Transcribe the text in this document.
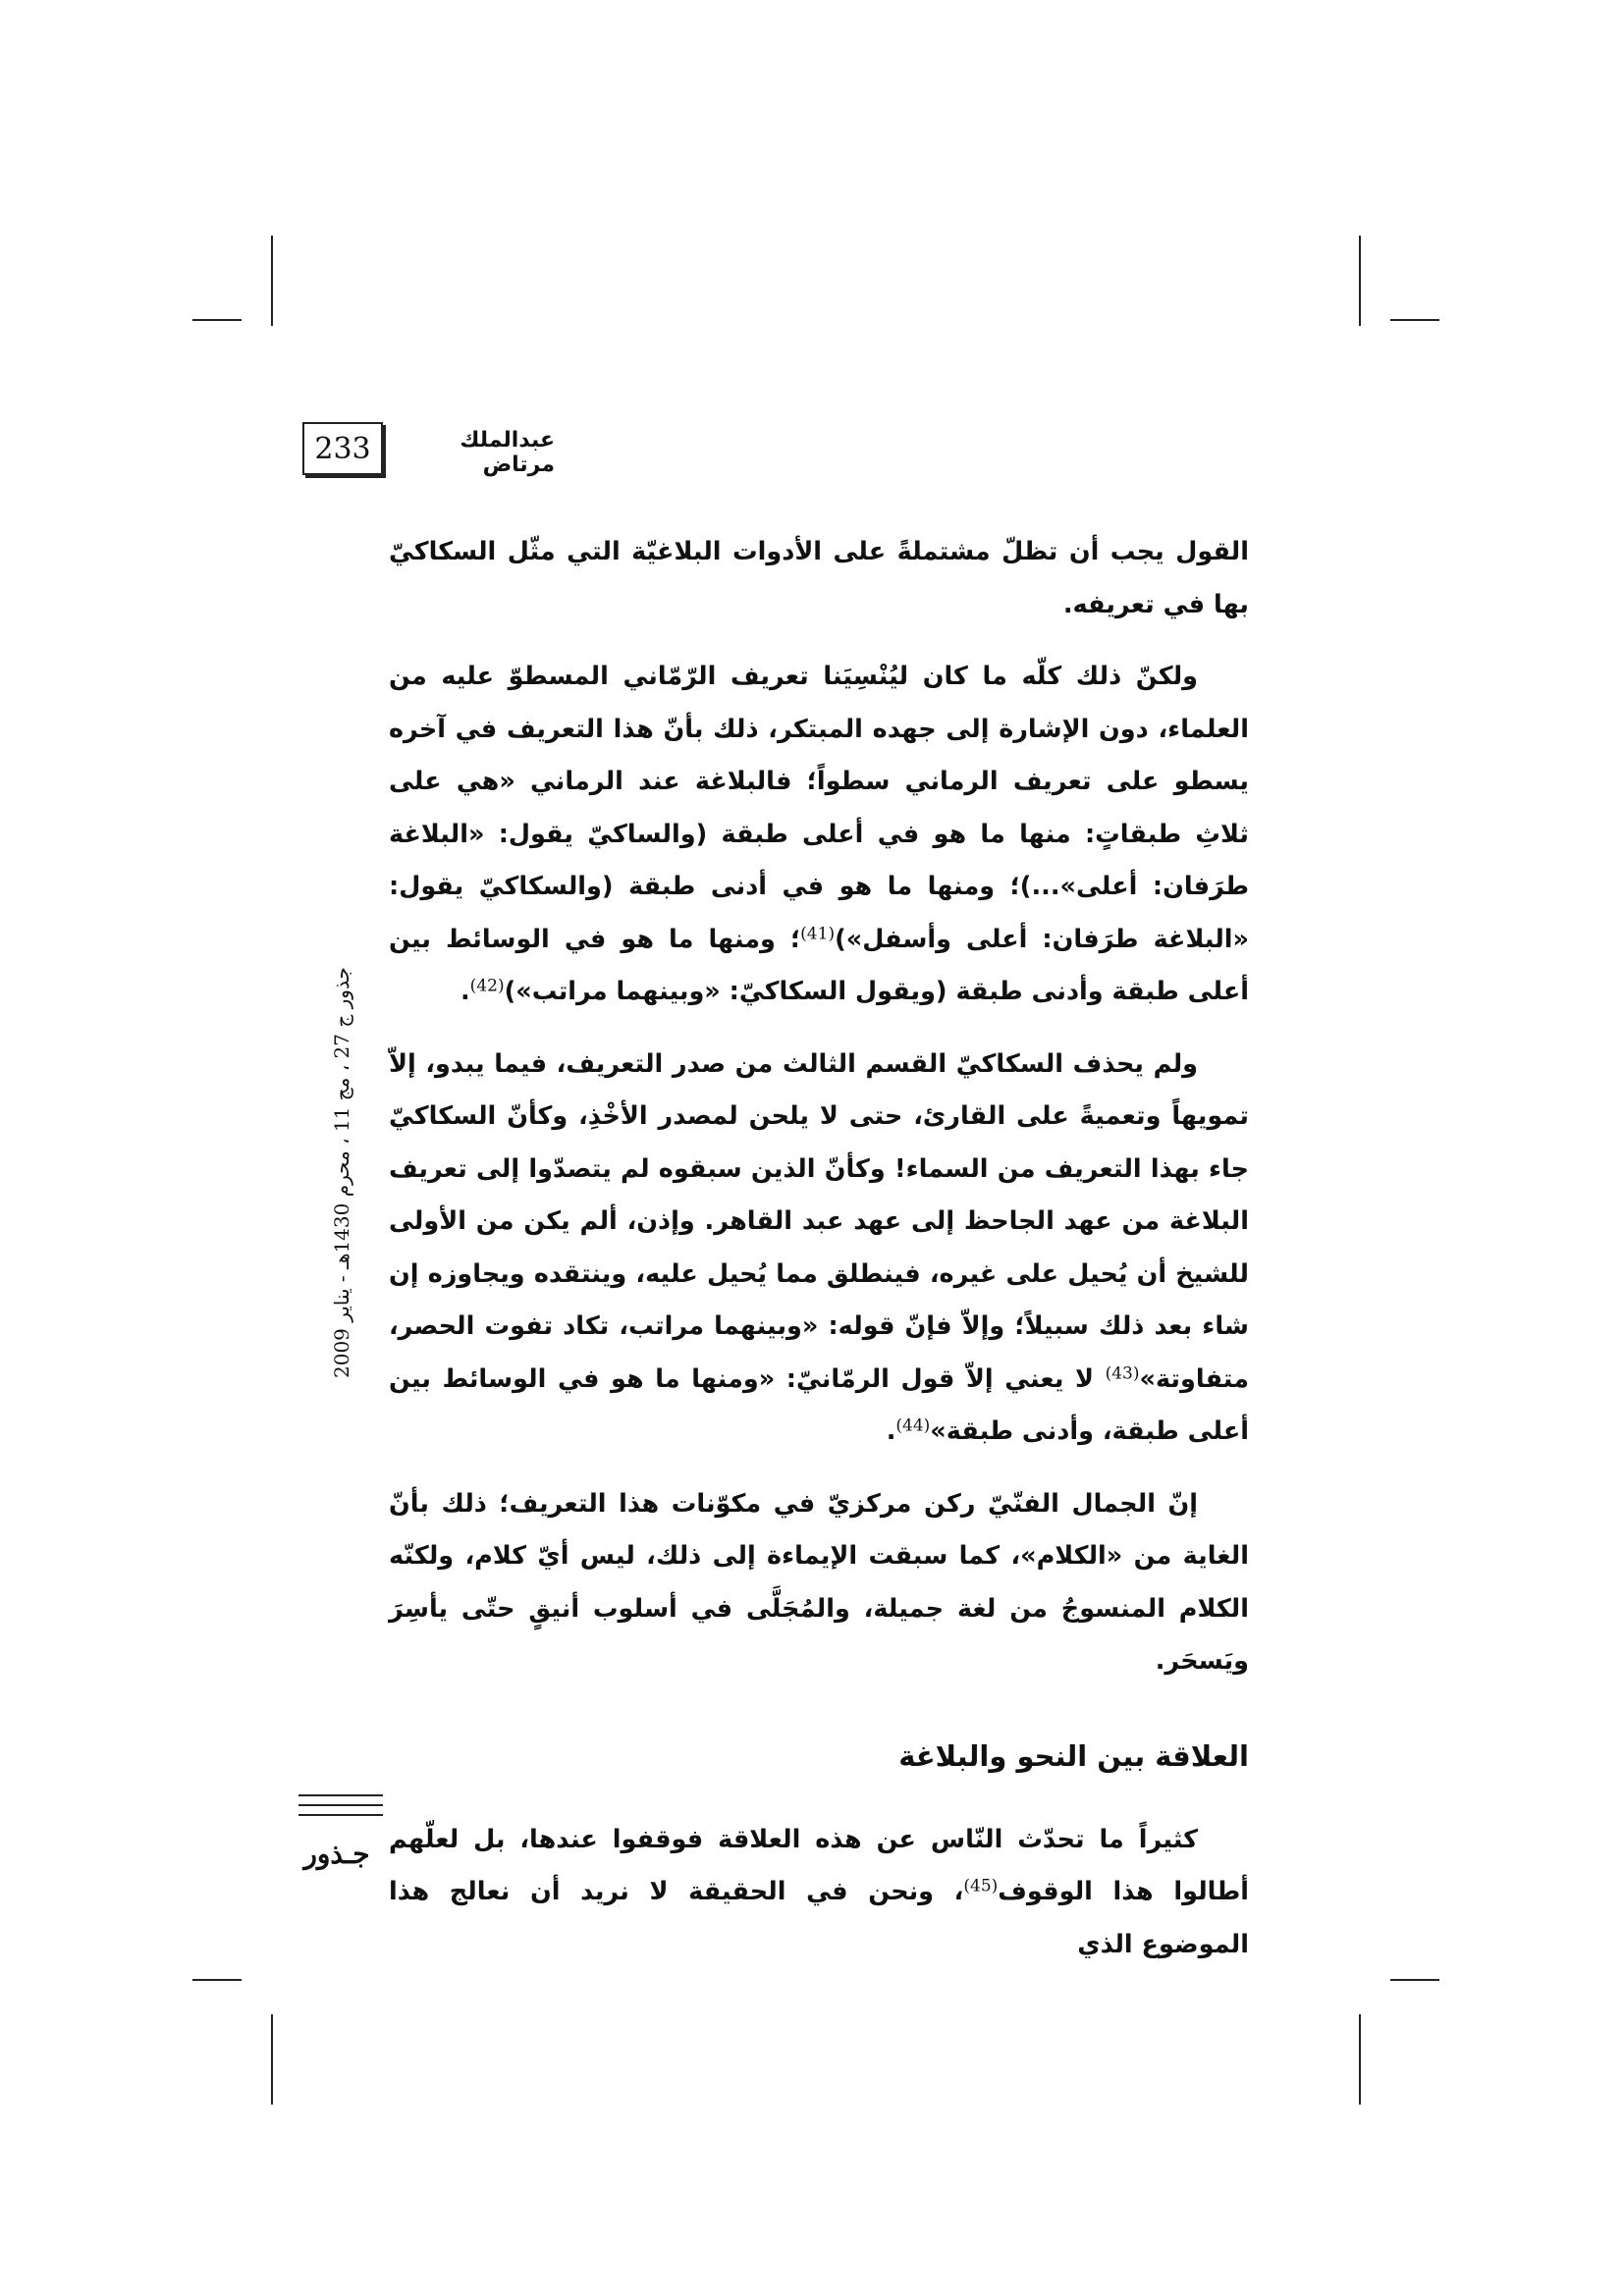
233	عبدالملك مرتاض

القول يجب أن تظلّ مشتملةً على الأدوات البلاغيّة التي مثّل السكاكيّ بها في تعريفه.

ولكنّ ذلك كلّه ما كان ليُنْسِيَنا تعريف الرّمّاني المسطوّ عليه من العلماء، دون الإشارة إلى جهده المبتكر، ذلك بأنّ هذا التعريف في آخره يسطو على تعريف الرماني سطواً؛ فالبلاغة عند الرماني «هي على ثلاثِ طبقاتٍ: منها ما هو في أعلى طبقة (والساكيّ يقول: «البلاغة طرَفان: أعلى»...)؛ ومنها ما هو في أدنى طبقة (والسكاكيّ يقول: «البلاغة طرَفان: أعلى وأسفل»)$^{(41)}$؛ ومنها ما هو في الوسائط بين أعلى طبقة وأدنى طبقة (ويقول السكاكيّ: «وبينهما مراتب»)$^{(42)}$.

ولم يحذف السكاكيّ القسم الثالث من صدر التعريف، فيما يبدو، إلاّ تمويهاً وتعميةً على القارئ، حتى لا يلحن لمصدر الأخْذِ، وكأنّ السكاكيّ جاء بهذا التعريف من السماء! وكأنّ الذين سبقوه لم يتصدّوا إلى تعريف البلاغة من عهد الجاحظ إلى عهد عبد القاهر. وإذن، ألم يكن من الأولى للشيخ أن يُحيل على غيره، فينطلق مما يُحيل عليه، وينتقده ويجاوزه إن شاء بعد ذلك سبيلاً؛ وإلاّ فإنّ قوله: «وبينهما مراتب، تكاد تفوت الحصر، متفاوتة»$^{(43)}$ لا يعني إلاّ قول الرمّانيّ: «ومنها ما هو في الوسائط بين أعلى طبقة، وأدنى طبقة»$^{(44)}$.

إنّ الجمال الفنّيّ ركن مركزيّ في مكوّنات هذا التعريف؛ ذلك بأنّ الغاية من «الكلام»، كما سبقت الإيماءة إلى ذلك، ليس أيّ كلام، ولكنّه الكلام المنسوجُ من لغة جميلة، والمُجَلَّى في أسلوب أنيقٍ حتّى يأسِرَ ويَسحَر.

العلاقة بين النحو والبلاغة

كثيراً ما تحدّث النّاس عن هذه العلاقة فوقفوا عندها، بل لعلّهم أطالوا هذا الوقوف$^{(45)}$، ونحن في الحقيقة لا نريد أن نعالج هذا الموضوع الذي

جذور ج 27 ، مج 11 ، محرم 1430هـ - يناير 2009
جـذور
